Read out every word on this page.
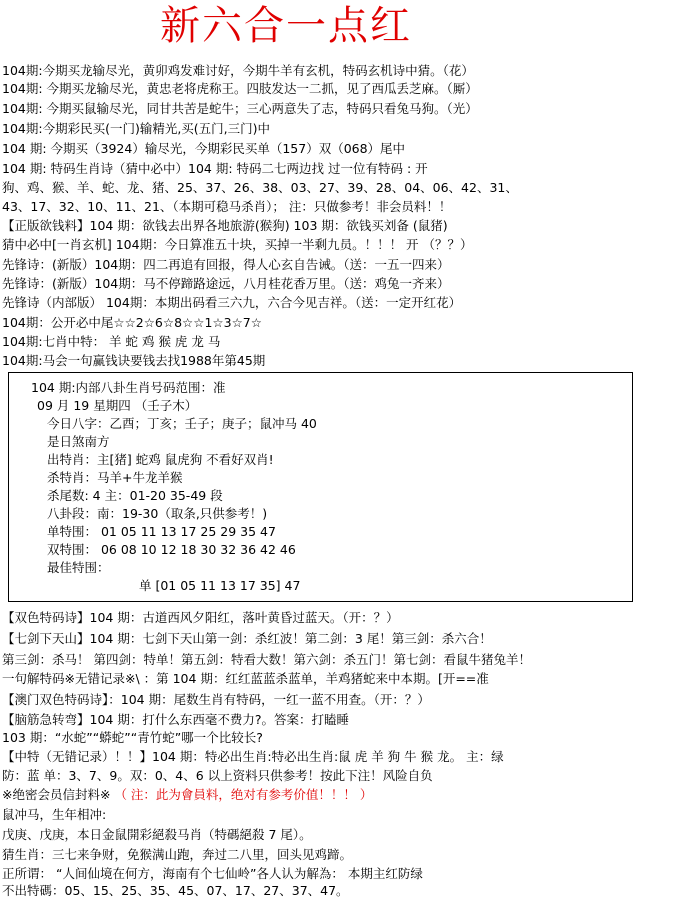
新六合一点红
104期:今期买龙输尽光，黄卯鸡发难讨好，今期牛羊有玄机，特码玄机诗中猜。（花）
104期: 今期买龙输尽光，黄忠老将虎称王。四肢发达一二抓，见了西瓜丢芝麻。（厮）
104期: 今期买鼠输尽光，同甘共苦是蛇牛；三心两意失了志，特码只看兔马狗。（光）
104期:今期彩民买(一门)输精光,买(五门,三门)中
104 期: 今期买（3924）输尽光，今期彩民买单（157）双（068）尾中
104 期: 特码生肖诗（猜中必中）104 期: 特码二七两边找 过一位有特码 : 开
狗、鸡、猴、羊、蛇、龙、猪、25、37、26、38、03、27、39、28、04、06、42、31、
43、17、32、10、11、21、（本期可稳马杀肖）； 注：只做参考！非会员料！！
【正版欲钱料】104 期：欲钱去出界各地旅游(猴狗) 103 期：欲钱买刘备 (鼠猪)
猜中必中[一肖玄机] 104期：今日算准五十块，买掉一半剩九员。！！！ 开 （？？）
先锋诗：(新版）104期：四二再追有回报，得人心玄自告诫。（送：一五一四来）
先锋诗：(新版）104期：马不停蹄路途远，八月桂花香万里。（送：鸡兔一齐来）
先锋诗（内部版） 104期：本期出码看三六九，六合今见吉祥。（送：一定开红花）
104期：公开必中尾☆☆2☆6☆8☆☆1☆3☆7☆
104期:七肖中特： 羊 蛇 鸡 猴 虎 龙 马
104期:马会一句赢钱诀要钱去找1988年第45期
104 期:内部八卦生肖号码范围：准
09 月 19 星期四 （壬子木）
今日八字：乙酉；丁亥；壬子；庚子；鼠冲马 40
是日煞南方
出特肖：主[猪] 蛇鸡 鼠虎狗 不看好双肖!
杀特肖：马羊+牛龙羊猴
杀尾数: 4 主：01-20 35-49 段
八卦段：南：19-30（取条,只供参考！)
单特围： 01 05 11 13 17 25 29 35 47
双特围： 06 08 10 12 18 30 32 36 42 46
最佳特围：
单 [01 05 11 13 17 35] 47
【双色特码诗】104 期：古道西风夕阳红，落叶黄昏过蓝天。（开：？）
【七剑下天山】104 期：七剑下天山第一剑：杀红波！第二剑：3 尾！第三剑：杀六合！
第三剑：杀马！ 第四剑：特单！第五剑：特看大数！第六剑：杀五门！第七剑：看鼠牛猪兔羊！
一句解特码※无错记录※\ ：第 104 期：红红蓝蓝杀蓝单，羊鸡猪蛇来中本期。[开==准
【澳门双色特码诗】：104 期：尾数生肖有特码，一红一蓝不用查。（开：？）
【脑筋急转弯】104 期：打什么东西毫不费力?。答案：打瞌睡
103 期：“水蛇”“蟒蛇”“青竹蛇”哪一个比较长?
【中特（无错记录）！！】104 期：特必出生肖:特必出生肖:鼠 虎 羊 狗 牛 猴 龙。 主：绿
防：蓝 单：3、7、9。双：0、4、6 以上资料只供参考！按此下注！风险自负
※绝密会员信封料※ （ 注：此为會員料，绝对有参考价值！！！ ）
鼠冲马，生年相冲:
戊庚、戊庚，本日金鼠開彩絕殺马肖（特碼絕殺 7 尾）。
猜生肖：三七来争财，免猴满山跑，奔过二八里，回头见鸡蹄。
正所谓： “人间仙境在何方，海南有个七仙岭”各人认为解為： 本期主红防绿
不出特碼：05、15、25、35、45、07、17、27、37、47。
